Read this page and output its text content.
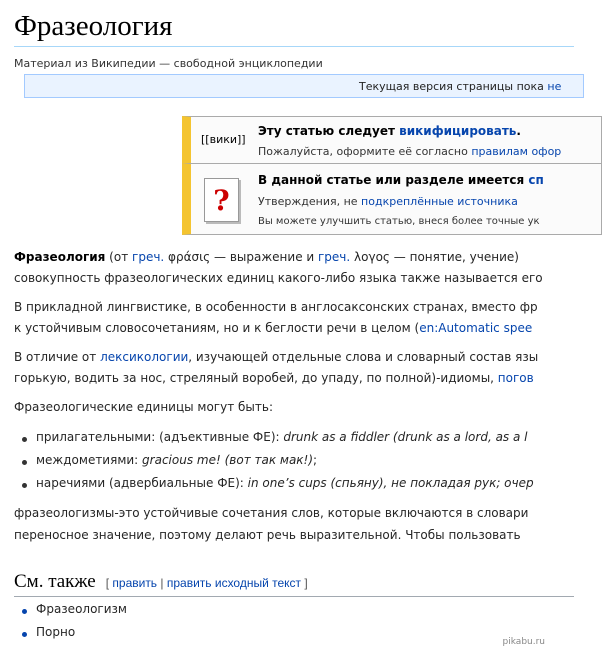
Фразеология
Материал из Википедии — свободной энциклопедии
Текущая версия страницы пока не
[[вики]]
Эту статью следует викифицировать.
Пожалуйста, оформите её согласно правилам офор
?
В данной статье или разделе имеется сп
Утверждения, не подкреплённые источника
Вы можете улучшить статью, внеся более точные ук
Фразеология (от греч. φράσις — выражение и греч. λογος — понятие, учение)
совокупность фразеологических единиц какого-либо языка также называется его
В прикладной лингвистике, в особенности в англосаксонских странах, вместо фр
к устойчивым словосочетаниям, но и к беглости речи в целом (en:Automatic spee
В отличие от лексикологии, изучающей отдельные слова и словарный состав язы
горькую, водить за нос, стреляный воробей, до упаду, по полной)-идиомы, погов
Фразеологические единицы могут быть:
прилагательными: (адъективные ФЕ): drunk as a fiddler (drunk as a lord, as a l
междометиями: gracious me! (вот так мак!);
наречиями (адвербиальные ФЕ): in one’s cups (спьяну), не покладая рук; очер
фразеологизмы-это устойчивые сочетания слов, которые включаются в словари
переносное значение, поэтому делают речь выразительной. Чтобы пользовать
См. также [ править | править исходный текст ]
Фразеологизм
Порно
pikabu.ru
